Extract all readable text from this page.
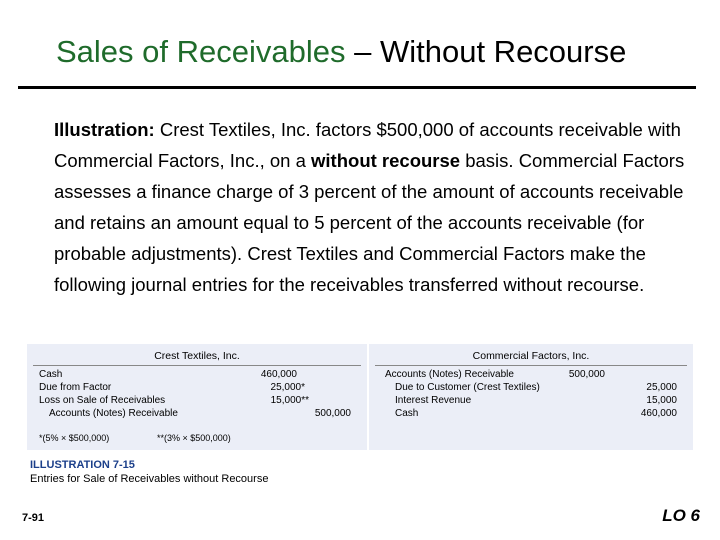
Sales of Receivables – Without Recourse
Illustration: Crest Textiles, Inc. factors $500,000 of accounts receivable with Commercial Factors, Inc., on a without recourse basis. Commercial Factors assesses a finance charge of 3 percent of the amount of accounts receivable and retains an amount equal to 5 percent of the accounts receivable (for probable adjustments). Crest Textiles and Commercial Factors make the following journal entries for the receivables transferred without recourse.
Crest Textiles, Inc.
Cash	460,000
Due from Factor	25,000*
Loss on Sale of Receivables	15,000**
Accounts (Notes) Receivable	500,000
*(5% × $500,000)	**(3% × $500,000)
Commercial Factors, Inc.
Accounts (Notes) Receivable	500,000
Due to Customer (Crest Textiles)	25,000
Interest Revenue	15,000
Cash	460,000
ILLUSTRATION 7-15
Entries for Sale of Receivables without Recourse
7-91	LO 6
